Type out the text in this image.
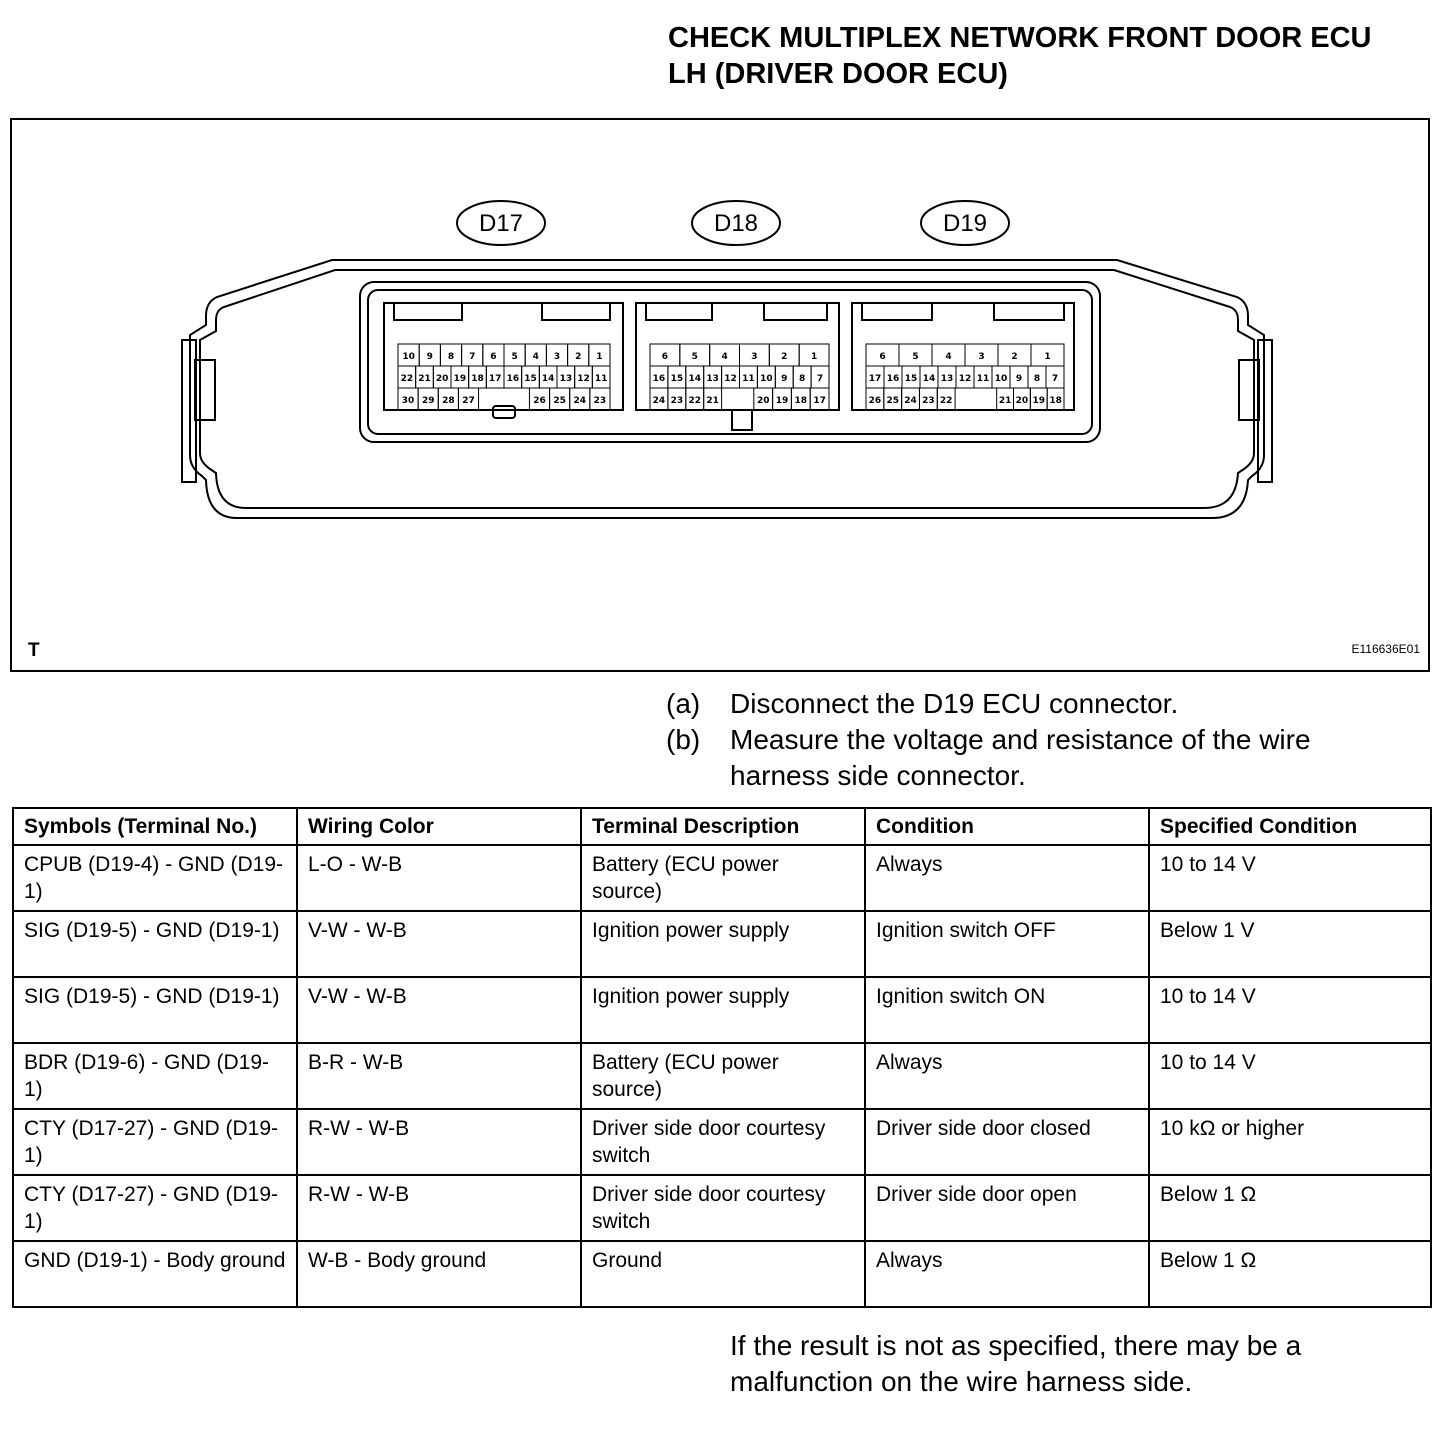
CHECK MULTIPLEX NETWORK FRONT DOOR ECU
LH (DRIVER DOOR ECU)
D17	D18	D19
10 9 8 7 6 5 4 3 2 1
22 21 20 19 18 17 16 15 14 13 12 11
30 29 28 27	26 25 24 23
6	5	4	3	2	1
16 15 14 13 12 11 10 9 8 7
24 23 22 21	20 19 18 17
6	5	4	3	2	1
17 16 15 14 13 12 11 10 9 8 7
26 25 24 23 22	21 20 19 18
T	E116636E01
(a)	Disconnect the D19 ECU connector.
(b)	Measure the voltage and resistance of the wire harness side connector.
Symbols (Terminal No.)	Wiring Color	Terminal Description	Condition	Specified Condition
CPUB (D19-4) - GND (D19-1)	L-O - W-B	Battery (ECU power source)	Always	10 to 14 V
SIG (D19-5) - GND (D19-1)	V-W - W-B	Ignition power supply	Ignition switch OFF	Below 1 V
SIG (D19-5) - GND (D19-1)	V-W - W-B	Ignition power supply	Ignition switch ON	10 to 14 V
BDR (D19-6) - GND (D19-1)	B-R - W-B	Battery (ECU power source)	Always	10 to 14 V
CTY (D17-27) - GND (D19-1)	R-W - W-B	Driver side door courtesy switch	Driver side door closed	10 kΩ or higher
CTY (D17-27) - GND (D19-1)	R-W - W-B	Driver side door courtesy switch	Driver side door open	Below 1 Ω
GND (D19-1) - Body ground	W-B - Body ground	Ground	Always	Below 1 Ω
If the result is not as specified, there may be a malfunction on the wire harness side.
